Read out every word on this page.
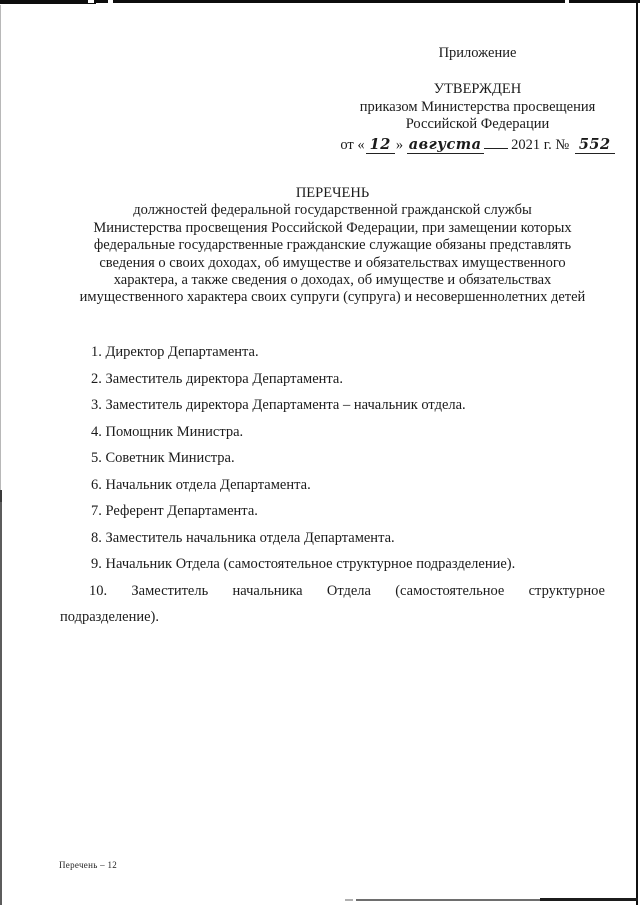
Приложение
УТВЕРЖДЕН
приказом Министерства просвещения
Российской Федерации
от « 12 » августа 2021 г. № 552
ПЕРЕЧЕНЬ
должностей федеральной государственной гражданской службы
Министерства просвещения Российской Федерации, при замещении которых
федеральные государственные гражданские служащие обязаны представлять
сведения о своих доходах, об имуществе и обязательствах имущественного
характера, а также сведения о доходах, об имуществе и обязательствах
имущественного характера своих супруги (супруга) и несовершеннолетних детей

1. Директор Департамента.

2. Заместитель директора Департамента.

3. Заместитель директора Департамента – начальник отдела.

4. Помощник Министра.

5. Советник Министра.

6. Начальник отдела Департамента.

7. Референт Департамента.

8. Заместитель начальника отдела Департамента.

9. Начальник Отдела (самостоятельное структурное подразделение).

10. Заместитель начальника Отдела (самостоятельное структурное

подразделение).

Перечень – 12
